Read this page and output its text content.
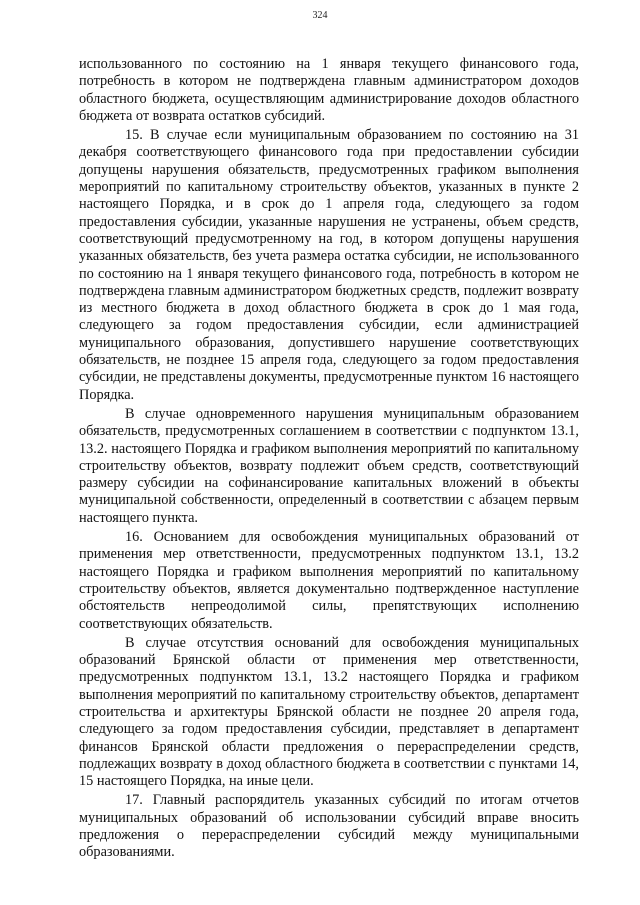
324

использованного по состоянию на 1 января текущего финансового года, потребность в котором не подтверждена главным администратором доходов областного бюджета, осуществляющим администрирование доходов областного бюджета от возврата остатков субсидий.

15. В случае если муниципальным образованием по состоянию на 31 декабря соответствующего финансового года при предоставлении субсидии допущены нарушения обязательств, предусмотренных графиком выполнения мероприятий по капитальному строительству объектов, указанных в пункте 2 настоящего Порядка, и в срок до 1 апреля года, следующего за годом предоставления субсидии, указанные нарушения не устранены, объем средств, соответствующий предусмотренному на год, в котором допущены нарушения указанных обязательств, без учета размера остатка субсидии, не использованного по состоянию на 1 января текущего финансового года, потребность в котором не подтверждена главным администратором бюджетных средств, подлежит возврату из местного бюджета в доход областного бюджета в срок до 1 мая года, следующего за годом предоставления субсидии, если администрацией муниципального образования, допустившего нарушение соответствующих обязательств, не позднее 15 апреля года, следующего за годом предоставления субсидии, не представлены документы, предусмотренные пунктом 16 настоящего Порядка.

В случае одновременного нарушения муниципальным образованием обязательств, предусмотренных соглашением в соответствии с подпунктом 13.1, 13.2. настоящего Порядка и графиком выполнения мероприятий по капитальному строительству объектов, возврату подлежит объем средств, соответствующий размеру субсидии на софинансирование капитальных вложений в объекты муниципальной собственности, определенный в соответствии с абзацем первым настоящего пункта.

16. Основанием для освобождения муниципальных образований от применения мер ответственности, предусмотренных подпунктом 13.1, 13.2 настоящего Порядка и графиком выполнения мероприятий по капитальному строительству объектов, является документально подтвержденное наступление обстоятельств непреодолимой силы, препятствующих исполнению соответствующих обязательств.

В случае отсутствия оснований для освобождения муниципальных образований Брянской области от применения мер ответственности, предусмотренных подпунктом 13.1, 13.2 настоящего Порядка и графиком выполнения мероприятий по капитальному строительству объектов, департамент строительства и архитектуры Брянской области не позднее 20 апреля года, следующего за годом предоставления субсидии, представляет в департамент финансов Брянской области предложения о перераспределении средств, подлежащих возврату в доход областного бюджета в соответствии с пунктами 14, 15 настоящего Порядка, на иные цели.

17. Главный распорядитель указанных субсидий по итогам отчетов муниципальных образований об использовании субсидий вправе вносить предложения о перераспределении субсидий между муниципальными образованиями.
